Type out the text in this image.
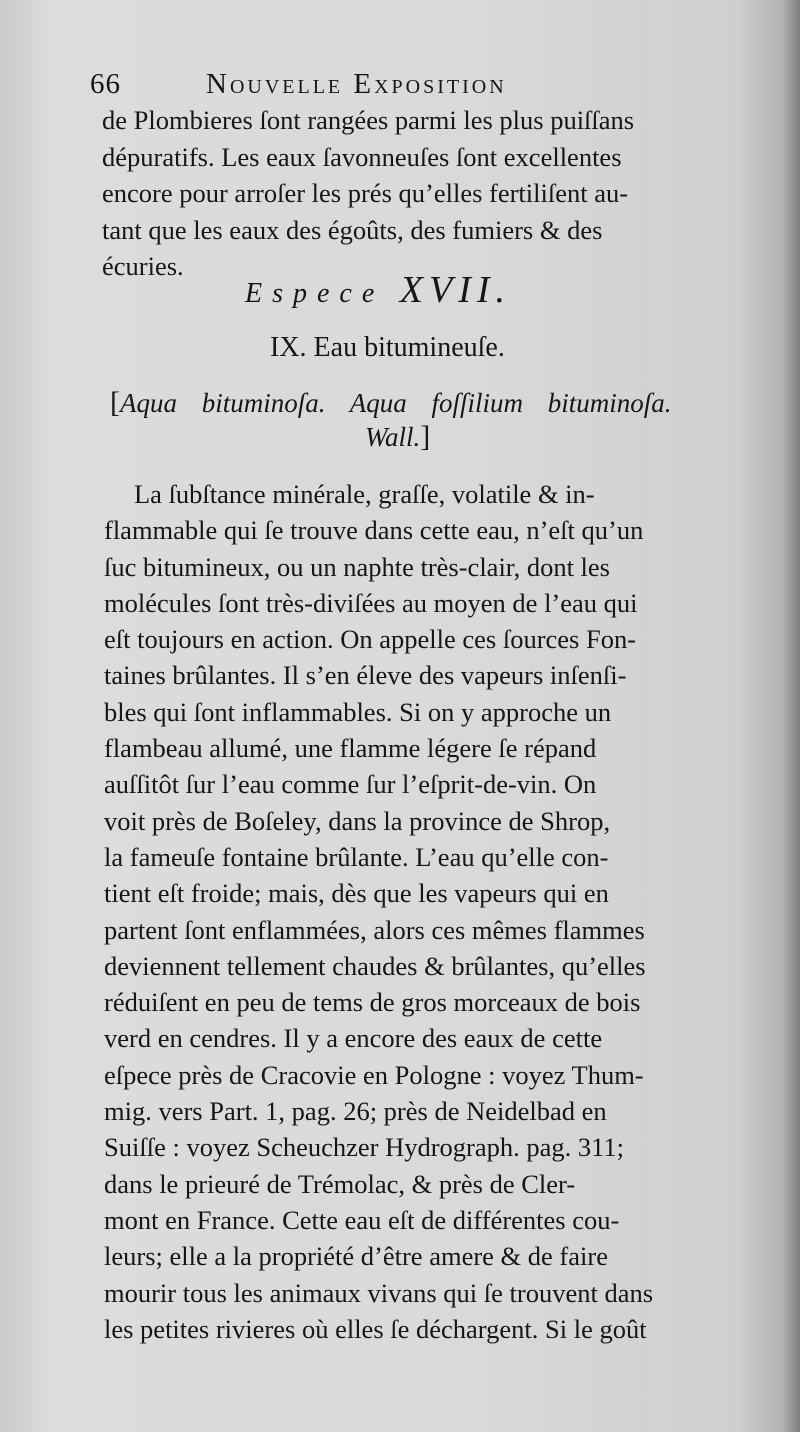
66	Nouvelle Exposition
de Plombieres ſont rangées parmi les plus puiſſans
dépuratifs. Les eaux ſavonneuſes ſont excellentes
encore pour arroſer les prés qu’elles fertiliſent au-
tant que les eaux des égoûts, des fumiers & des
écuries.
Espece XVII.
IX. Eau bitumineuſe.
[Aqua bituminoſa. Aqua foſſilium bituminoſa.
Wall.]
La ſubſtance minérale, graſſe, volatile & in-
flammable qui ſe trouve dans cette eau, n’eſt qu’un
ſuc bitumineux, ou un naphte très-clair, dont les
molécules ſont très-diviſées au moyen de l’eau qui
eſt toujours en action. On appelle ces ſources Fon-
taines brûlantes. Il s’en éleve des vapeurs inſenſi-
bles qui ſont inflammables. Si on y approche un
flambeau allumé, une flamme légere ſe répand
auſſitôt ſur l’eau comme ſur l’eſprit-de-vin. On
voit près de Boſeley, dans la province de Shrop,
la fameuſe fontaine brûlante. L’eau qu’elle con-
tient eſt froide; mais, dès que les vapeurs qui en
partent ſont enflammées, alors ces mêmes flammes
deviennent tellement chaudes & brûlantes, qu’elles
réduiſent en peu de tems de gros morceaux de bois
verd en cendres. Il y a encore des eaux de cette
eſpece près de Cracovie en Pologne : voyez Thum-
mig. vers Part. 1, pag. 26; près de Neidelbad en
Suiſſe : voyez Scheuchzer Hydrograph. pag. 311;
dans le prieuré de Trémolac, & près de Cler-
mont en France. Cette eau eſt de différentes cou-
leurs; elle a la propriété d’être amere & de faire
mourir tous les animaux vivans qui ſe trouvent dans
les petites rivieres où elles ſe déchargent. Si le goût
